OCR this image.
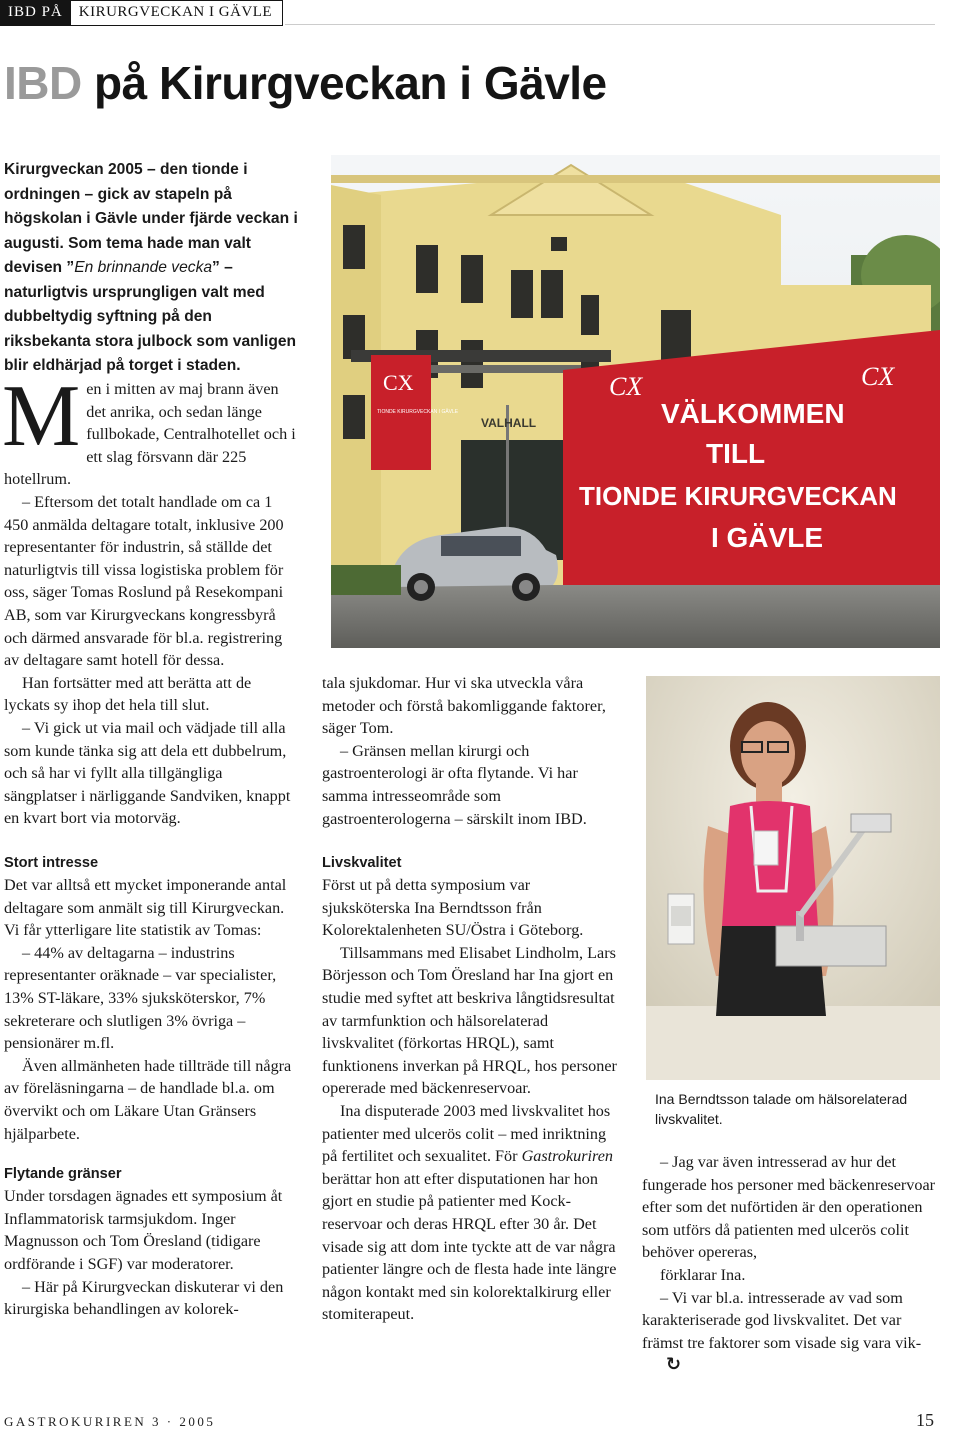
IBD PÅ	KIRURGVECKAN I GÄVLE
IBD på Kirurgveckan i Gävle
Kirurgveckan 2005 – den tionde i ordningen – gick av stapeln på högskolan i Gävle under fjärde veckan i augusti. Som tema hade man valt devisen ”En brinnande vecka” – naturligtvis ursprungligen valt med dubbeltydig syftning på den riksbekanta stora julbock som vanligen blir eldhärjad på torget i staden.

Men i mitten av maj brann även det anrika, och sedan länge fullbokade, Centralhotellet och i ett slag försvann där 225 hotellrum.

– Eftersom det totalt handlade om ca 1 450 anmälda deltagare totalt, inklusive 200 representanter för industrin, så ställde det naturligtvis till vissa logistiska problem för oss, säger Tomas Roslund på Resekompani AB, som var Kirurgveckans kongressbyrå och därmed ansvarade för bl.a. registrering av deltagare samt hotell för dessa.

Han fortsätter med att berätta att de lyckats sy ihop det hela till slut.

– Vi gick ut via mail och vädjade till alla som kunde tänka sig att dela ett dubbelrum, och så har vi fyllt alla tillgängliga sängplatser i närliggande Sandviken, knappt en kvart bort via motorväg.

Stort intresse

Det var alltså ett mycket imponerande antal deltagare som anmält sig till Kirurgveckan. Vi får ytterligare lite statistik av Tomas:

– 44% av deltagarna – industrins representanter oräknade – var specialister, 13% ST-läkare, 33% sjuksköterskor, 7% sekreterare och slutligen 3% övriga – pensionärer m.fl.

Även allmänheten hade tillträde till några av föreläsningarna – de handlade bl.a. om övervikt och om Läkare Utan Gränsers hjälparbete.

Flytande gränser

Under torsdagen ägnades ett symposium åt Inflammatorisk tarmsjukdom. Inger Magnusson och Tom Öresland (tidigare ordförande i SGF) var moderatorer.

– Här på Kirurgveckan diskuterar vi den kirurgiska behandlingen av kolorek-

tala sjukdomar. Hur vi ska utveckla våra metoder och förstå bakomliggande faktorer, säger Tom.

– Gränsen mellan kirurgi och gastroenterologi är ofta flytande. Vi har samma intresseområde som gastroenterologerna – särskilt inom IBD.

Livskvalitet

Först ut på detta symposium var sjuksköterska Ina Berndtsson från Kolorektalenheten SU/Östra i Göteborg.

Tillsammans med Elisabet Lindholm, Lars Börjesson och Tom Öresland har Ina gjort en studie med syftet att beskriva långtidsresultat av tarmfunktion och hälsorelaterad livskvalitet (förkortas HRQL), samt funktionens inverkan på HRQL, hos personer opererade med bäckenreservoar.

Ina disputerade 2003 med livskvalitet hos patienter med ulcerös colit – med inriktning på fertilitet och sexualitet. För Gastrokuriren berättar hon att efter disputationen har hon gjort en studie på patienter med Kock-reservoar och deras HRQL efter 30 år. Det visade sig att dom inte tyckte att de var några patienter längre och de flesta hade inte längre någon kontakt med sin kolorektalkirurg eller stomiterapeut.

– Jag var även intresserad av hur det fungerade hos personer med bäckenreservoar efter som det nuförtiden är den operationen som utförs då patienten med ulcerös colit behöver opereras,

förklarar Ina.

– Vi var bl.a. intresserade av vad som karakteriserade god livskvalitet. Det var främst tre faktorer som visade sig vara vik-↻

VALHALL
CX
TIONDE KIRURGVECKAN I GÄVLE
CX	CX
VÄLKOMMEN
TILL
TIONDE KIRURGVECKAN
I GÄVLE
Ina Berndtsson talade om hälsorelaterad livskvalitet.
GASTROKURIREN 3 · 2005	15
